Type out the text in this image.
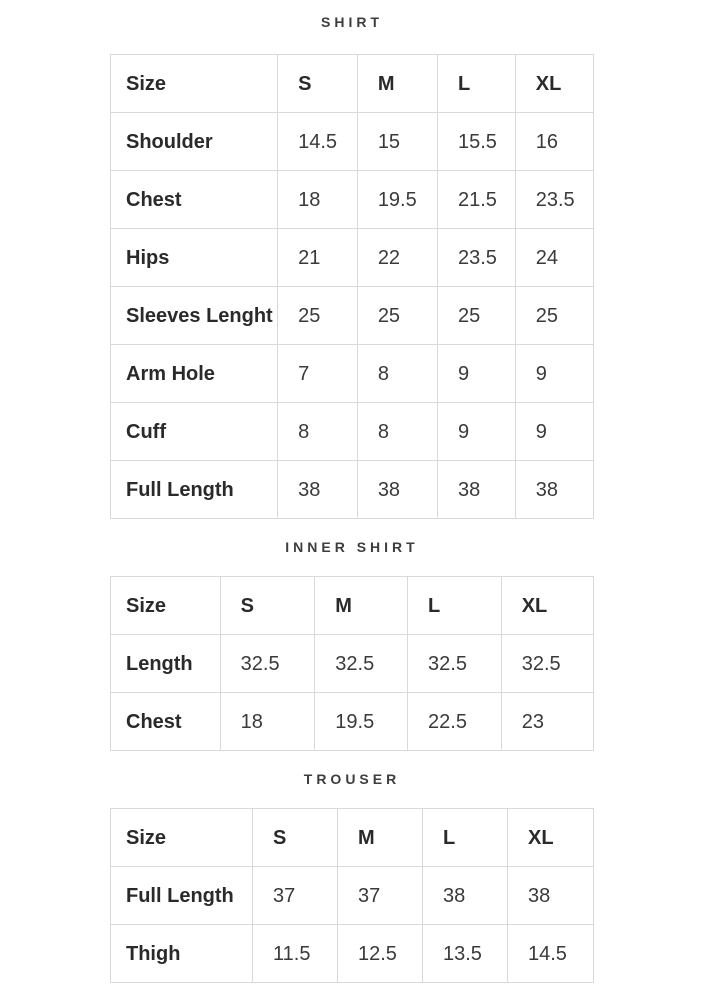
SHIRT
Size	S	M	L	XL
Shoulder	14.5	15	15.5	16
Chest	18	19.5	21.5	23.5
Hips	21	22	23.5	24
Sleeves Lenght	25	25	25	25
Arm Hole	7	8	9	9
Cuff	8	8	9	9
Full Length	38	38	38	38
INNER SHIRT
Size	S	M	L	XL
Length	32.5	32.5	32.5	32.5
Chest	18	19.5	22.5	23
TROUSER
Size	S	M	L	XL
Full Length	37	37	38	38
Thigh	11.5	12.5	13.5	14.5
